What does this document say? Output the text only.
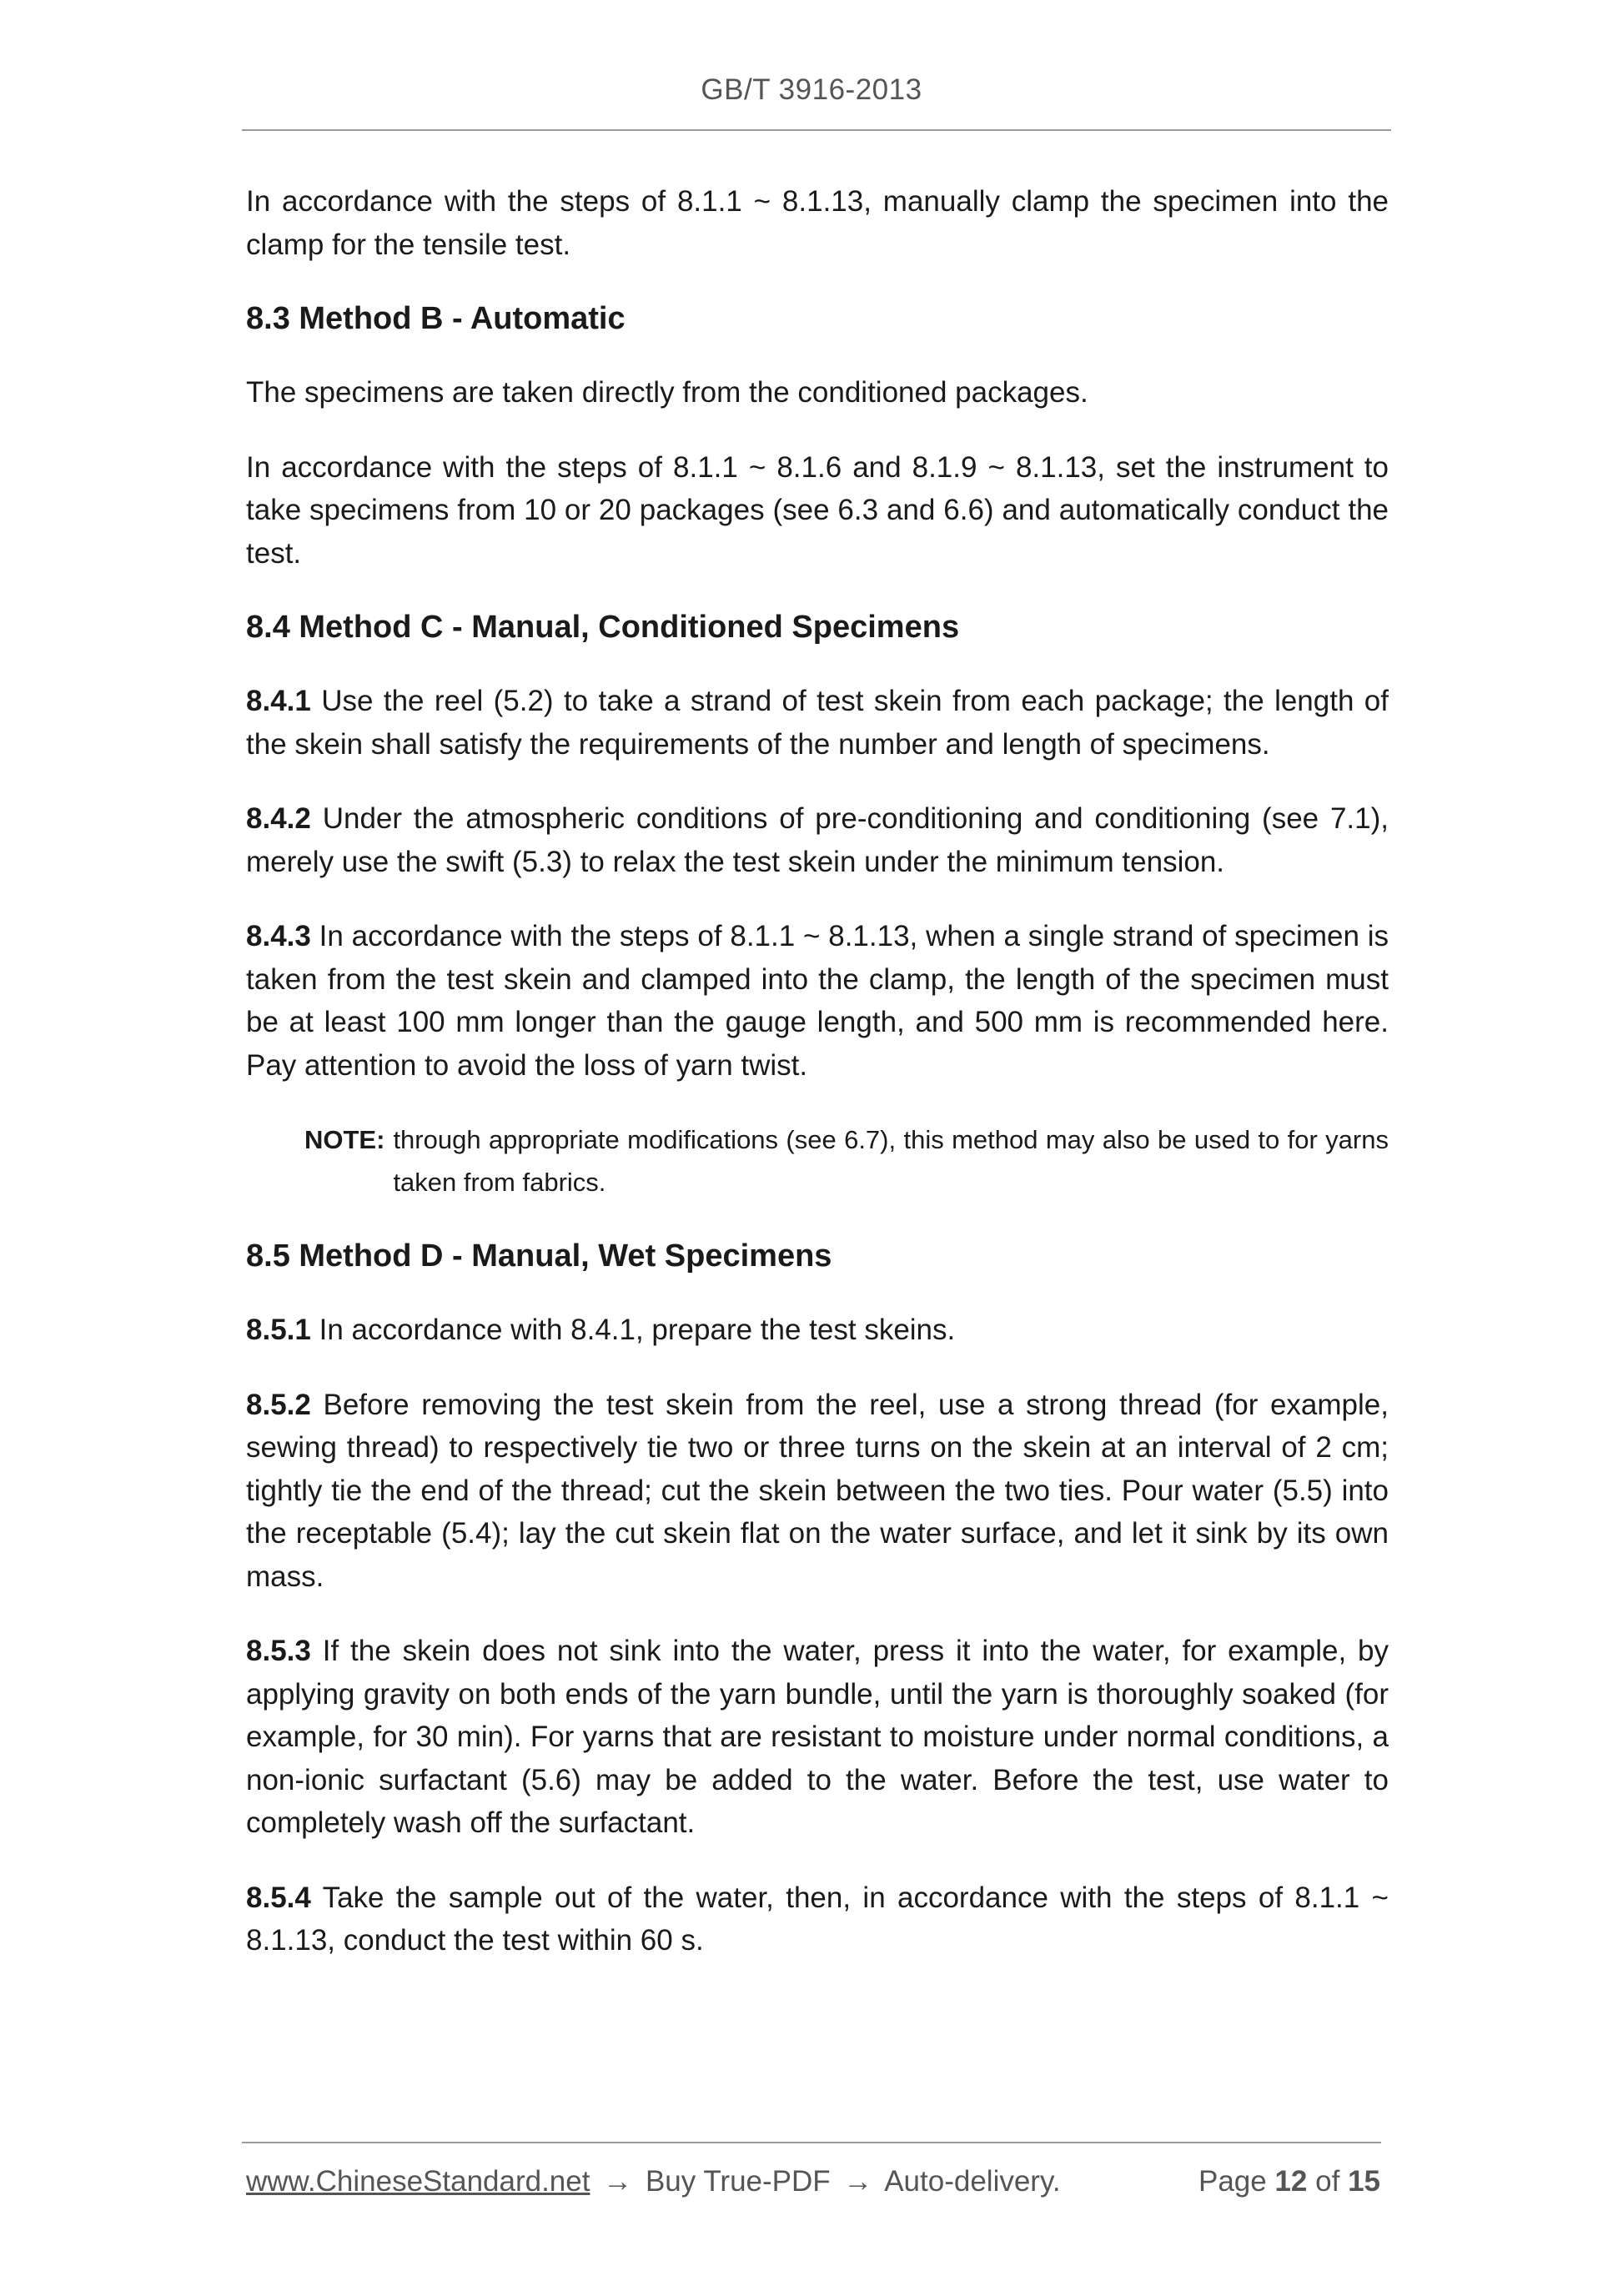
GB/T 3916-2013

In accordance with the steps of 8.1.1 ~ 8.1.13, manually clamp the specimen into the clamp for the tensile test.

8.3 Method B - Automatic

The specimens are taken directly from the conditioned packages.

In accordance with the steps of 8.1.1 ~ 8.1.6 and 8.1.9 ~ 8.1.13, set the instrument to take specimens from 10 or 20 packages (see 6.3 and 6.6) and automatically conduct the test.

8.4 Method C - Manual, Conditioned Specimens

8.4.1 Use the reel (5.2) to take a strand of test skein from each package; the length of the skein shall satisfy the requirements of the number and length of specimens.

8.4.2 Under the atmospheric conditions of pre-conditioning and conditioning (see 7.1), merely use the swift (5.3) to relax the test skein under the minimum tension.

8.4.3 In accordance with the steps of 8.1.1 ~ 8.1.13, when a single strand of specimen is taken from the test skein and clamped into the clamp, the length of the specimen must be at least 100 mm longer than the gauge length, and 500 mm is recommended here. Pay attention to avoid the loss of yarn twist.

NOTE: through appropriate modifications (see 6.7), this method may also be used to for yarns taken from fabrics.
8.5 Method D - Manual, Wet Specimens

8.5.1 In accordance with 8.4.1, prepare the test skeins.

8.5.2 Before removing the test skein from the reel, use a strong thread (for example, sewing thread) to respectively tie two or three turns on the skein at an interval of 2 cm; tightly tie the end of the thread; cut the skein between the two ties. Pour water (5.5) into the receptable (5.4); lay the cut skein flat on the water surface, and let it sink by its own mass.

8.5.3 If the skein does not sink into the water, press it into the water, for example, by applying gravity on both ends of the yarn bundle, until the yarn is thoroughly soaked (for example, for 30 min). For yarns that are resistant to moisture under normal conditions, a non-ionic surfactant (5.6) may be added to the water. Before the test, use water to completely wash off the surfactant.

8.5.4 Take the sample out of the water, then, in accordance with the steps of 8.1.1 ~ 8.1.13, conduct the test within 60 s.

www.ChineseStandard.net → Buy True-PDF → Auto-delivery.	Page 12 of 15
